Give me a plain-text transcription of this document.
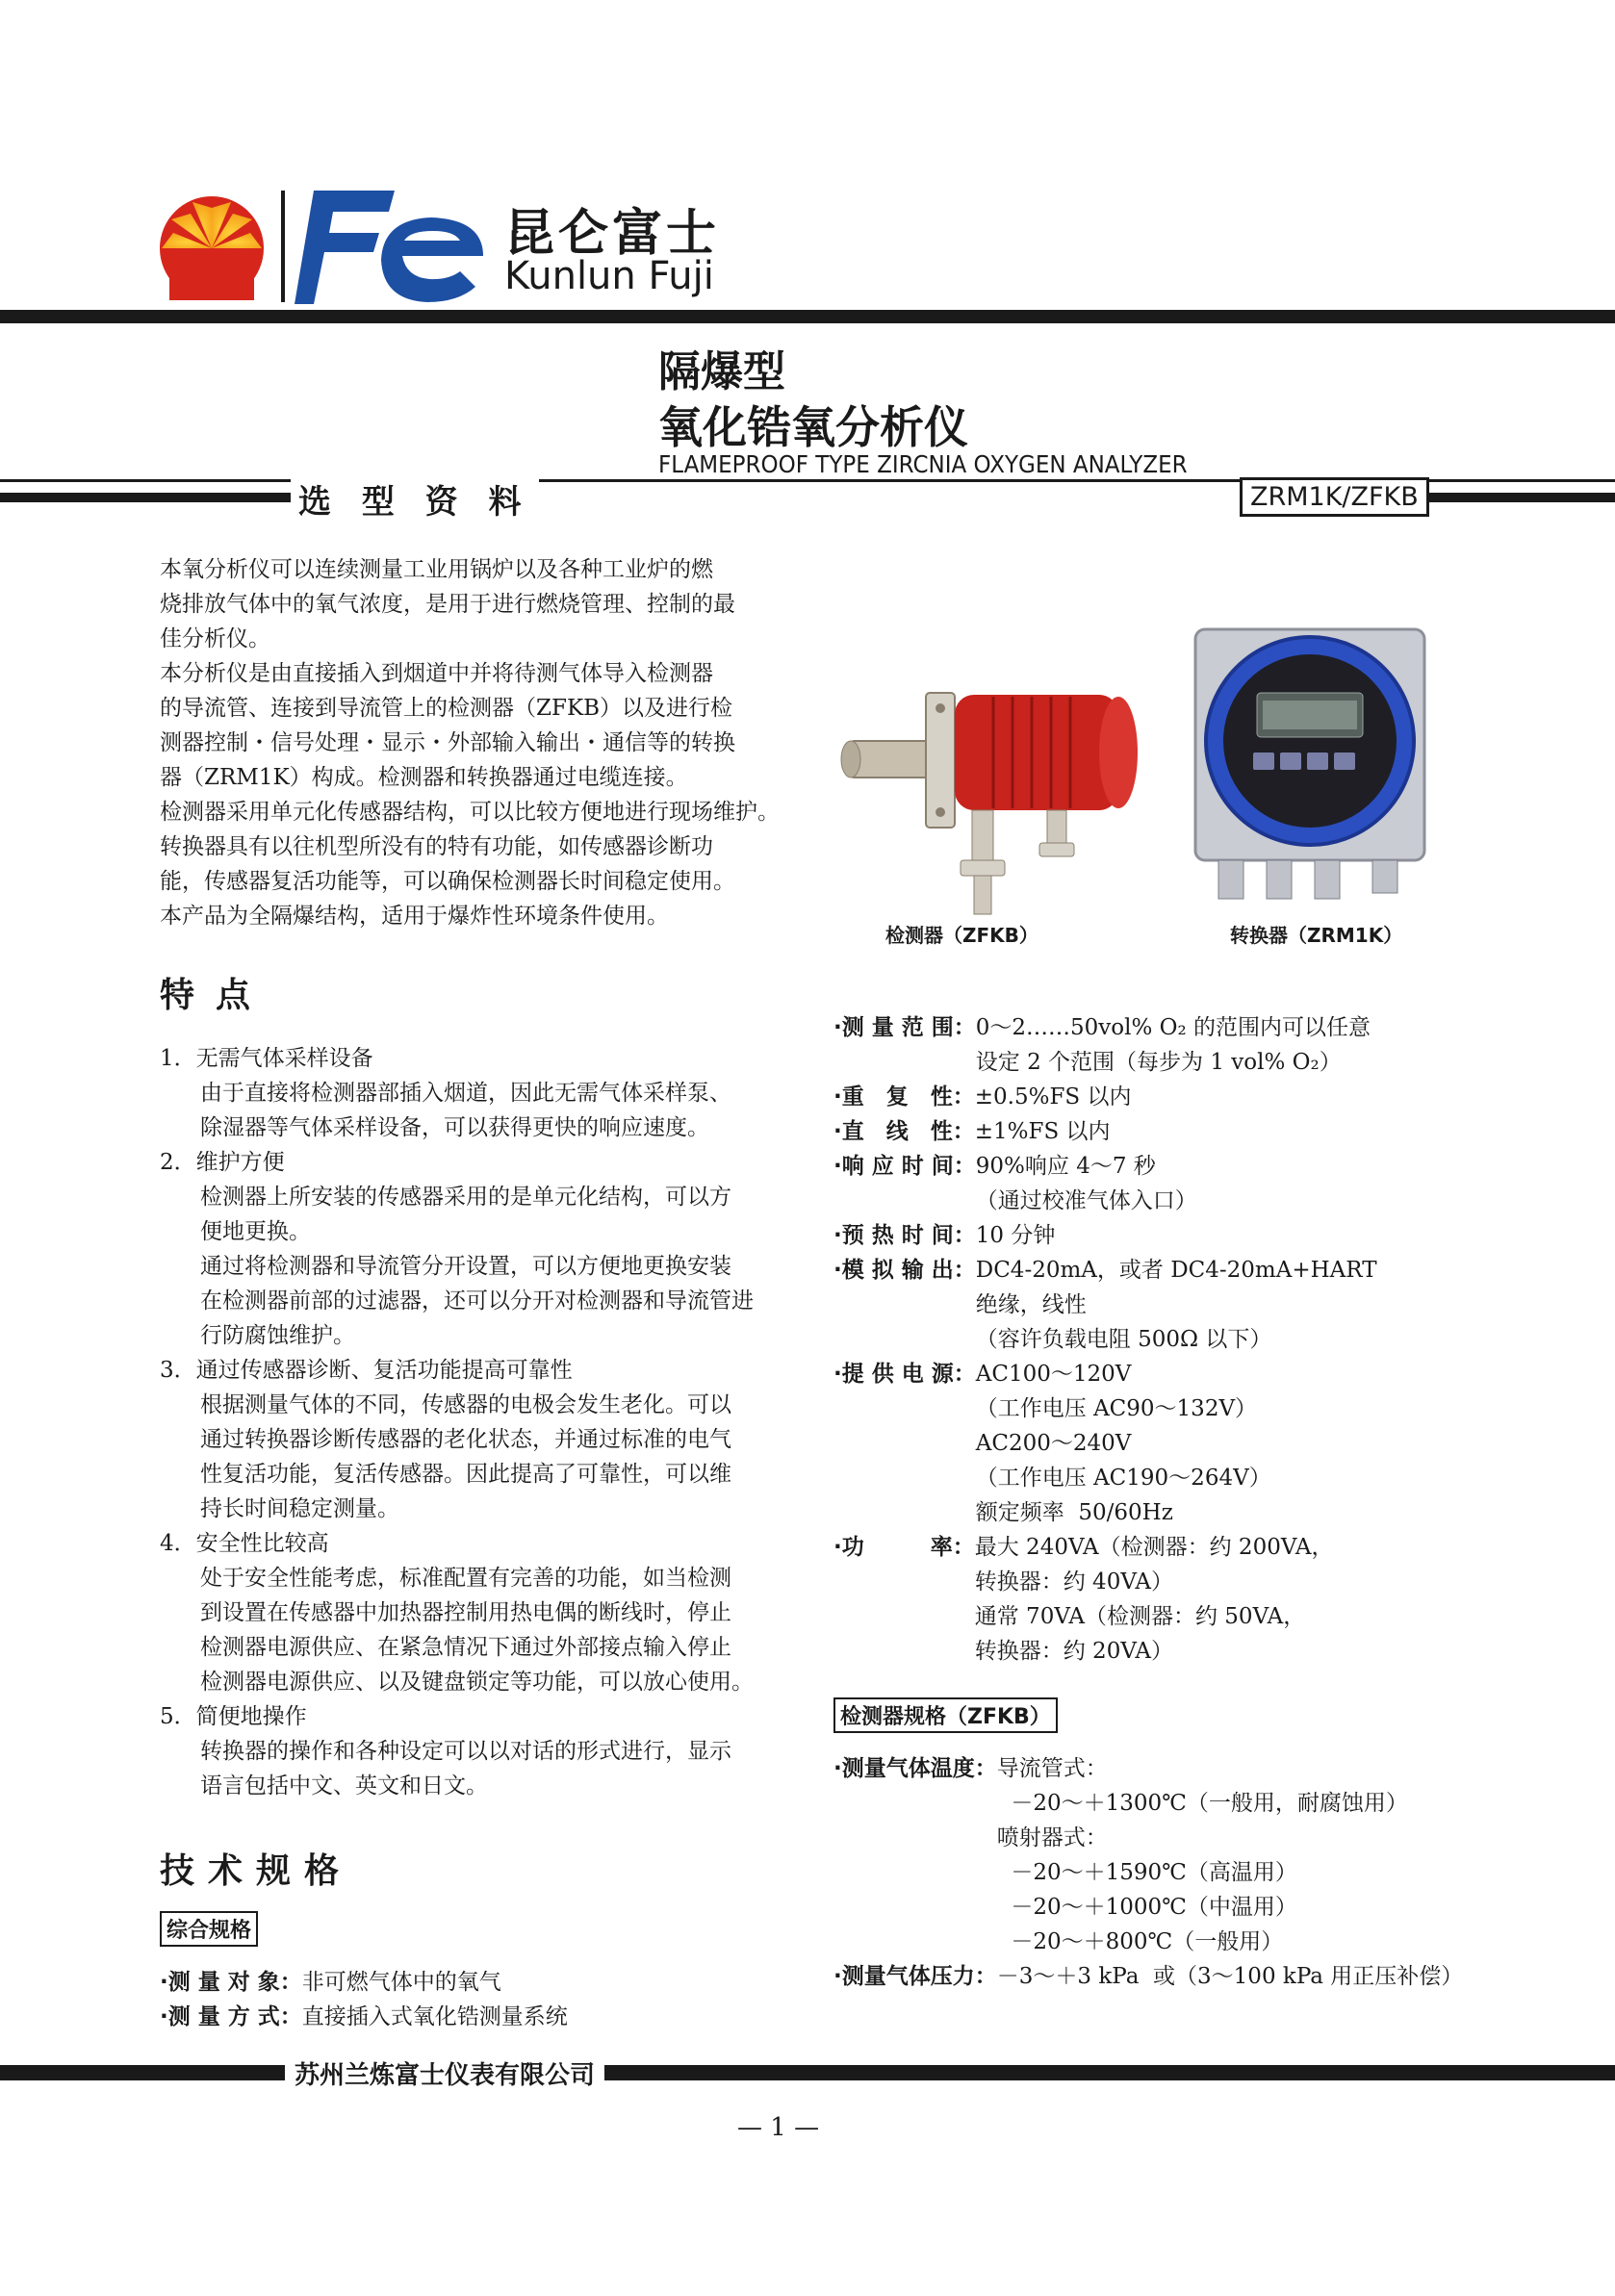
昆仑富士
Kunlun Fuji
隔爆型
氧化锆氧分析仪
FLAMEPROOF TYPE ZIRCNIA OXYGEN ANALYZER
选 型 资 料	ZRM1K/ZFKB

本氧分析仪可以连续测量工业用锅炉以及各种工业炉的燃

烧排放气体中的氧气浓度，是用于进行燃烧管理、控制的最

佳分析仪。

本分析仪是由直接插入到烟道中并将待测气体导入检测器

的导流管、连接到导流管上的检测器（ZFKB）以及进行检

测器控制・信号处理・显示・外部输入输出・通信等的转换

器（ZRM1K）构成。检测器和转换器通过电缆连接。

检测器采用单元化传感器结构，可以比较方便地进行现场维护。

转换器具有以往机型所没有的特有功能，如传感器诊断功

能，传感器复活功能等，可以确保检测器长时间稳定使用。

本产品为全隔爆结构，适用于爆炸性环境条件使用。

检测器（ZFKB）	转换器（ZRM1K）
特点

1．无需气体采样设备

由于直接将检测器部插入烟道，因此无需气体采样泵、

除湿器等气体采样设备，可以获得更快的响应速度。

2．维护方便

检测器上所安装的传感器采用的是单元化结构，可以方

便地更换。

通过将检测器和导流管分开设置，可以方便地更换安装

在检测器前部的过滤器，还可以分开对检测器和导流管进

行防腐蚀维护。

3．通过传感器诊断、复活功能提高可靠性

根据测量气体的不同，传感器的电极会发生老化。可以

通过转换器诊断传感器的老化状态，并通过标准的电气

性复活功能，复活传感器。因此提高了可靠性，可以维

持长时间稳定测量。

4．安全性比较高

处于安全性能考虑，标准配置有完善的功能，如当检测

到设置在传感器中加热器控制用热电偶的断线时，停止

检测器电源供应、在紧急情况下通过外部接点输入停止

检测器电源供应、以及键盘锁定等功能，可以放心使用。

5．简便地操作

转换器的操作和各种设定可以以对话的形式进行，显示

语言包括中文、英文和日文。

技术规格
综合规格
·测 量 对 象： 非可燃气体中的氧气
·测 量 方 式： 直接插入式氧化锆测量系统
·测 量 范 围： 0～2……50vol% O₂ 的范围内可以任意
设定 2 个范围（每步为 1 vol% O₂）
·重　复　性： ±0.5%FS 以内
·直　线　性： ±1%FS 以内
·响 应 时 间： 90%响应 4～7 秒
（通过校准气体入口）
·预 热 时 间： 10 分钟
·模 拟 输 出： DC4-20mA，或者 DC4-20mA+HART
绝缘，线性
（容许负载电阻 500Ω 以下）
·提 供 电 源： AC100～120V
（工作电压 AC90～132V）
AC200～240V
（工作电压 AC190～264V）
额定频率  50/60Hz
·功　　　率： 最大 240VA（检测器：约 200VA，
转换器：约 40VA）
通常 70VA（检测器：约 50VA，
转换器：约 20VA）
检测器规格（ZFKB）
·测量气体温度： 导流管式：
－20～＋1300℃（一般用，耐腐蚀用）
喷射器式：
－20～＋1590℃（高温用）
－20～＋1000℃（中温用）
－20～＋800℃（一般用）
·测量气体压力： －3～＋3 kPa  或（3～100 kPa 用正压补偿）
苏州兰炼富士仪表有限公司
— 1 —
